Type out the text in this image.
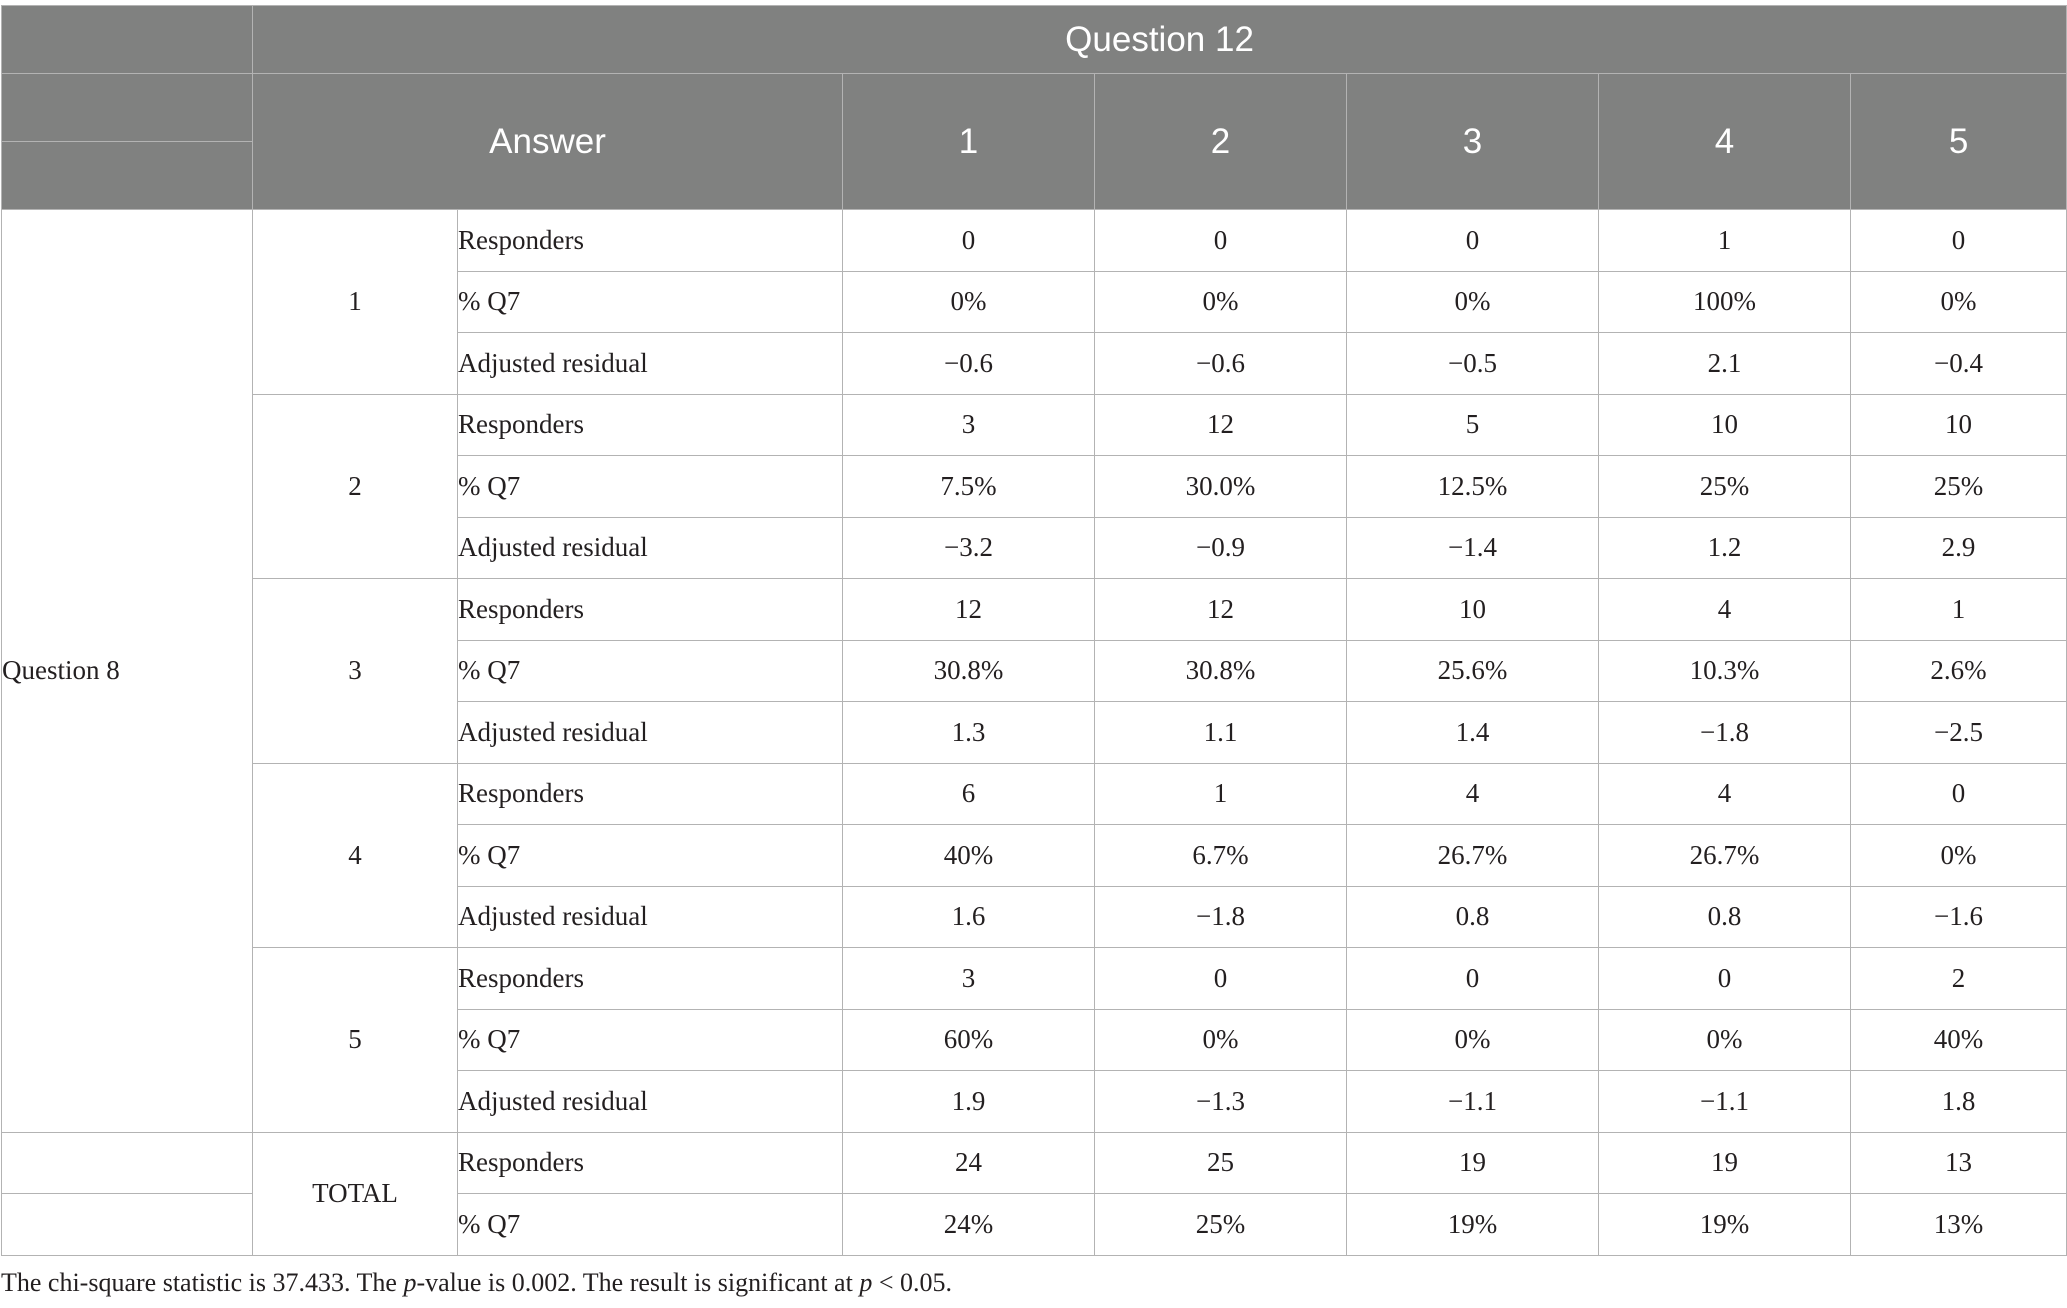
	Question 12						
	Answer		1	2	3	4	5

Question 8	1	Responders	0	0	0	1	0
		% Q7	0%	0%	0%	100%	0%
		Adjusted residual	−0.6	−0.6	−0.5	2.1	−0.4
	2	Responders	3	12	5	10	10
		% Q7	7.5%	30.0%	12.5%	25%	25%
		Adjusted residual	−3.2	−0.9	−1.4	1.2	2.9
	3	Responders	12	12	10	4	1
		% Q7	30.8%	30.8%	25.6%	10.3%	2.6%
		Adjusted residual	1.3	1.1	1.4	−1.8	−2.5
	4	Responders	6	1	4	4	0
		% Q7	40%	6.7%	26.7%	26.7%	0%
		Adjusted residual	1.6	−1.8	0.8	0.8	−1.6
	5	Responders	3	0	0	0	2
		% Q7	60%	0%	0%	0%	40%
		Adjusted residual	1.9	−1.3	−1.1	−1.1	1.8
	TOTAL	Responders	24	25	19	19	13
		% Q7	24%	25%	19%	19%	13%
The chi-square statistic is 37.433. The p-value is 0.002. The result is significant at p < 0.05.
